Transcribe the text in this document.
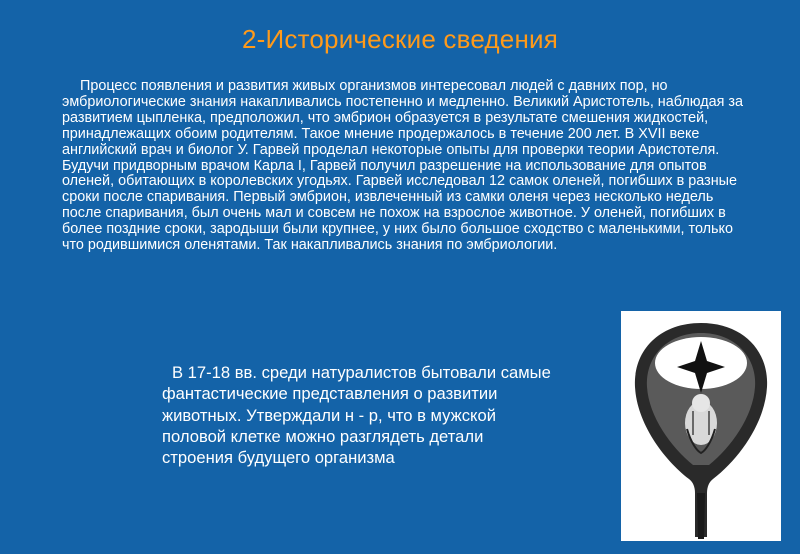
2-Исторические сведения

Процесс появления и развития живых организмов интересовал людей с давних пор, но эмбриологические знания накапливались постепенно и медленно. Великий Аристотель, наблюдая за развитием цыпленка, предположил, что эмбрион образуется в результате смешения жидкостей, принадлежащих обоим родителям. Такое мнение продержалось в течение 200 лет. В XVII веке английский врач и биолог У. Гарвей проделал некоторые опыты для проверки теории Аристотеля. Будучи придворным врачом Карла I, Гарвей получил разрешение на использование для опытов оленей, обитающих в королевских угодьях. Гарвей исследовал 12 самок оленей, погибших в разные сроки после спаривания. Первый эмбрион, извлеченный из самки оленя через несколько недель после спаривания, был очень мал и совсем не похож на взрослое животное. У оленей, погибших в более поздние сроки, зародыши были крупнее, у них было большое сходство с маленькими, только что родившимися оленятами. Так накапливались знания по эмбриологии.

В 17-18 вв. среди натуралистов бытовали самые фантастические представления о развитии животных. Утверждали н - р, что в мужской половой клетке можно разглядеть детали строения будущего организма
